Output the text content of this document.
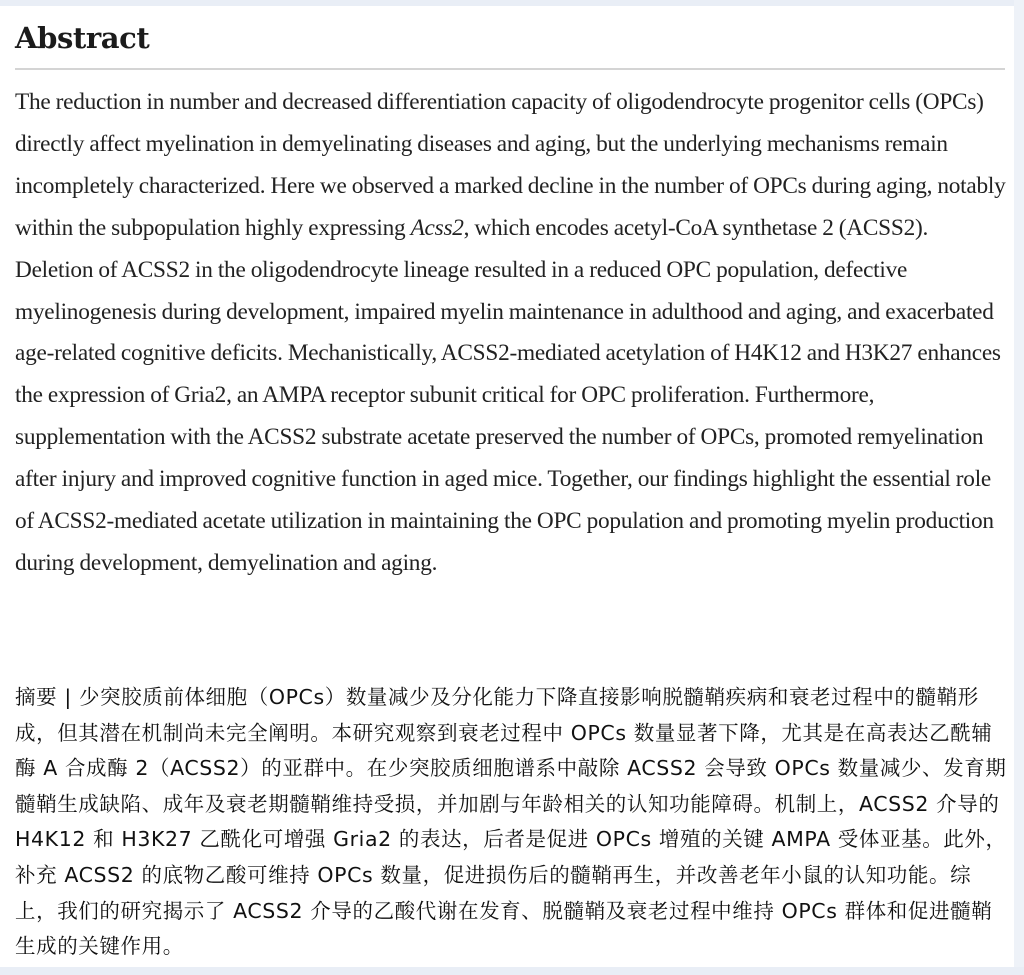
Abstract

The reduction in number and decreased differentiation capacity of oligodendrocyte progenitor cells (OPCs) directly affect myelination in demyelinating diseases and aging, but the underlying mechanisms remain incompletely characterized. Here we observed a marked decline in the number of OPCs during aging, notably within the subpopulation highly expressing Acss2, which encodes acetyl-CoA synthetase 2 (ACSS2). Deletion of ACSS2 in the oligodendrocyte lineage resulted in a reduced OPC population, defective myelinogenesis during development, impaired myelin maintenance in adulthood and aging, and exacerbated age-related cognitive deficits. Mechanistically, ACSS2-mediated acetylation of H4K12 and H3K27 enhances the expression of Gria2, an AMPA receptor subunit critical for OPC proliferation. Furthermore, supplementation with the ACSS2 substrate acetate preserved the number of OPCs, promoted remyelination after injury and improved cognitive function in aged mice. Together, our findings highlight the essential role of ACSS2-mediated acetate utilization in maintaining the OPC population and promoting myelin production during development, demyelination and aging.

摘要 | 少突胶质前体细胞（OPCs）数量减少及分化能力下降直接影响脱髓鞘疾病和衰老过程中的髓鞘形成，但其潜在机制尚未完全阐明。本研究观察到衰老过程中 OPCs 数量显著下降，尤其是在高表达乙酰辅酶 A 合成酶 2（ACSS2）的亚群中。在少突胶质细胞谱系中敲除 ACSS2 会导致 OPCs 数量减少、发育期髓鞘生成缺陷、成年及衰老期髓鞘维持受损，并加剧与年龄相关的认知功能障碍。机制上，ACSS2 介导的 H4K12 和 H3K27 乙酰化可增强 Gria2 的表达，后者是促进 OPCs 增殖的关键 AMPA 受体亚基。此外，补充 ACSS2 的底物乙酸可维持 OPCs 数量，促进损伤后的髓鞘再生，并改善老年小鼠的认知功能。综上，我们的研究揭示了 ACSS2 介导的乙酸代谢在发育、脱髓鞘及衰老过程中维持 OPCs 群体和促进髓鞘生成的关键作用。
